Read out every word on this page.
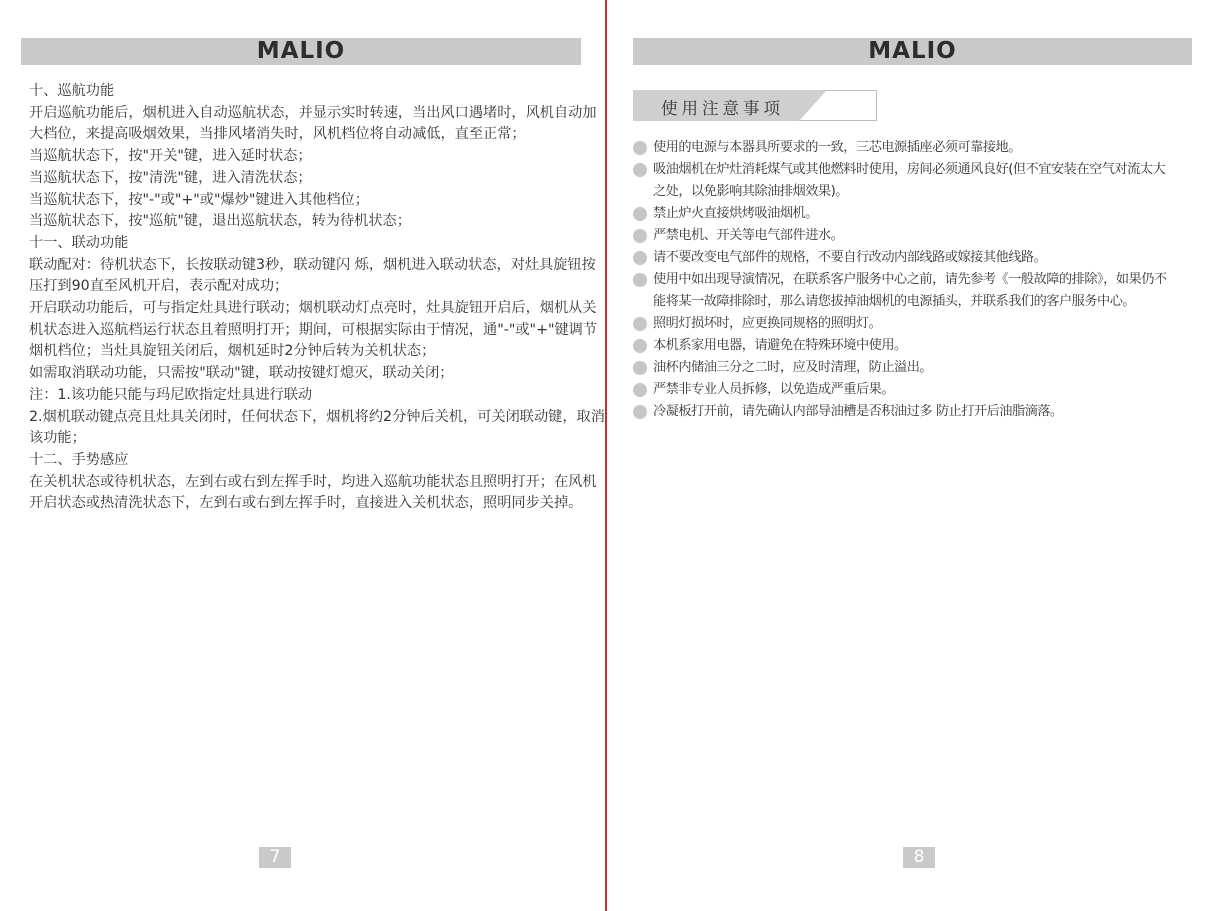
MALIO

十、巡航功能

开启巡航功能后，烟机进入自动巡航状态，并显示实时转速，当出风口遇堵时，风机自动加大档位，来提高吸烟效果，当排风堵消失时，风机档位将自动减低，直至正常；

当巡航状态下，按"开关"键，进入延时状态；

当巡航状态下，按"清洗"键，进入清洗状态；

当巡航状态下，按"-"或"+"或"爆炒"键进入其他档位；

当巡航状态下，按"巡航"键，退出巡航状态，转为待机状态；

十一、联动功能

联动配对：待机状态下，长按联动键3秒，联动键闪 烁，烟机进入联动状态，对灶具旋钮按压打到90直至风机开启，表示配对成功；

开启联动功能后，可与指定灶具进行联动；烟机联动灯点亮时，灶具旋钮开启后，烟机从关机状态进入巡航档运行状态且着照明打开；期间，可根据实际由于情况，通"-"或"+"键调节烟机档位；当灶具旋钮关闭后，烟机延时2分钟后转为关机状态；

如需取消联动功能，只需按"联动"键，联动按键灯熄灭，联动关闭；

注：1.该功能只能与玛尼欧指定灶具进行联动

2.烟机联动键点亮且灶具关闭时，任何状态下，烟机将约2分钟后关机，可关闭联动键，取消该功能；

十二、手势感应

在关机状态或待机状态，左到右或右到左挥手时，均进入巡航功能状态且照明打开；在风机开启状态或热清洗状态下，左到右或右到左挥手时，直接进入关机状态，照明同步关掉。

7
MALIO
使用注意事项

使用的电源与本器具所要求的一致，三芯电源插座必须可靠接地。

吸油烟机在炉灶消耗煤气或其他燃料时使用，房间必须通风良好(但不宜安装在空气对流太大之处，以免影响其除油排烟效果)。

禁止炉火直接烘烤吸油烟机。

严禁电机、开关等电气部件进水。

请不要改变电气部件的规格，不要自行改动内部线路或嫁接其他线路。

使用中如出现导演情况，在联系客户服务中心之前，请先参考《一般故障的排除》，如果仍不能将某一故障排除时，那么请您拔掉油烟机的电源插头，并联系我们的客户服务中心。

照明灯损坏时，应更换同规格的照明灯。

本机系家用电器，请避免在特殊环境中使用。

油杯内储油三分之二时，应及时清理，防止溢出。

严禁非专业人员拆修，以免造成严重后果。

冷凝板打开前，请先确认内部导油槽是否积油过多 防止打开后油脂滴落。

8
